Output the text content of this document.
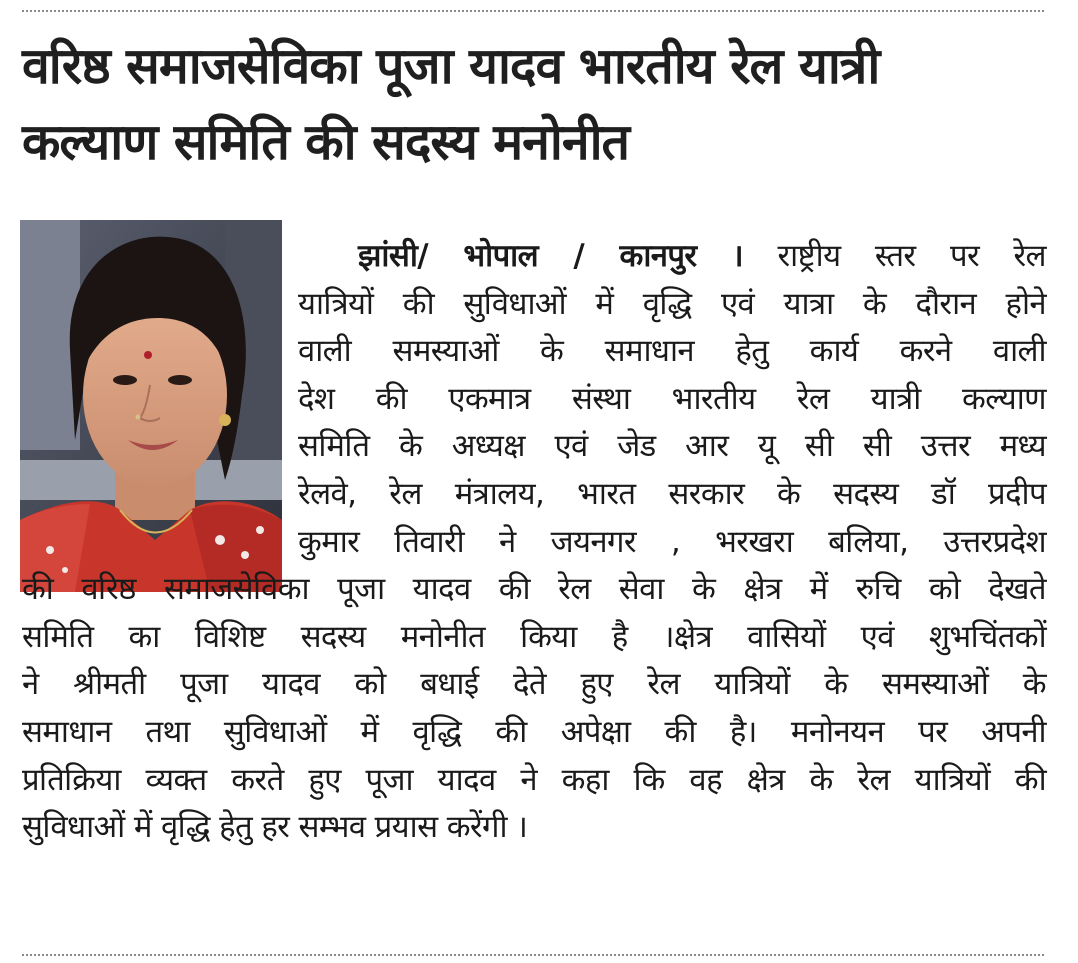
वरिष्ठ समाजसेविका पूजा यादव भारतीय रेल यात्री
कल्याण समिति की सदस्य मनोनीत
झांसी/ भोपाल / कानपुर । राष्ट्रीय स्तर पर रेल
यात्रियों की सुविधाओं में वृद्धि एवं यात्रा के दौरान होने
वाली समस्याओं के समाधान हेतु कार्य करने वाली
देश की एकमात्र संस्था भारतीय रेल यात्री कल्याण
समिति के अध्यक्ष एवं जेड आर यू सी सी उत्तर मध्य
रेलवे, रेल मंत्रालय, भारत सरकार के सदस्य डॉ प्रदीप
कुमार तिवारी ने जयनगर , भरखरा बलिया, उत्तरप्रदेश
की वरिष्ठ समाजसेविका पूजा यादव की रेल सेवा के क्षेत्र में रुचि को देखते
समिति का विशिष्ट सदस्य मनोनीत किया है ।क्षेत्र वासियों एवं शुभचिंतकों
ने श्रीमती पूजा यादव को बधाई देते हुए रेल यात्रियों के समस्याओं के
समाधान तथा सुविधाओं में वृद्धि की अपेक्षा की है। मनोनयन पर अपनी
प्रतिक्रिया व्यक्त करते हुए पूजा यादव ने कहा कि वह क्षेत्र के रेल यात्रियों की
सुविधाओं में वृद्धि हेतु हर सम्भव प्रयास करेंगी ।
